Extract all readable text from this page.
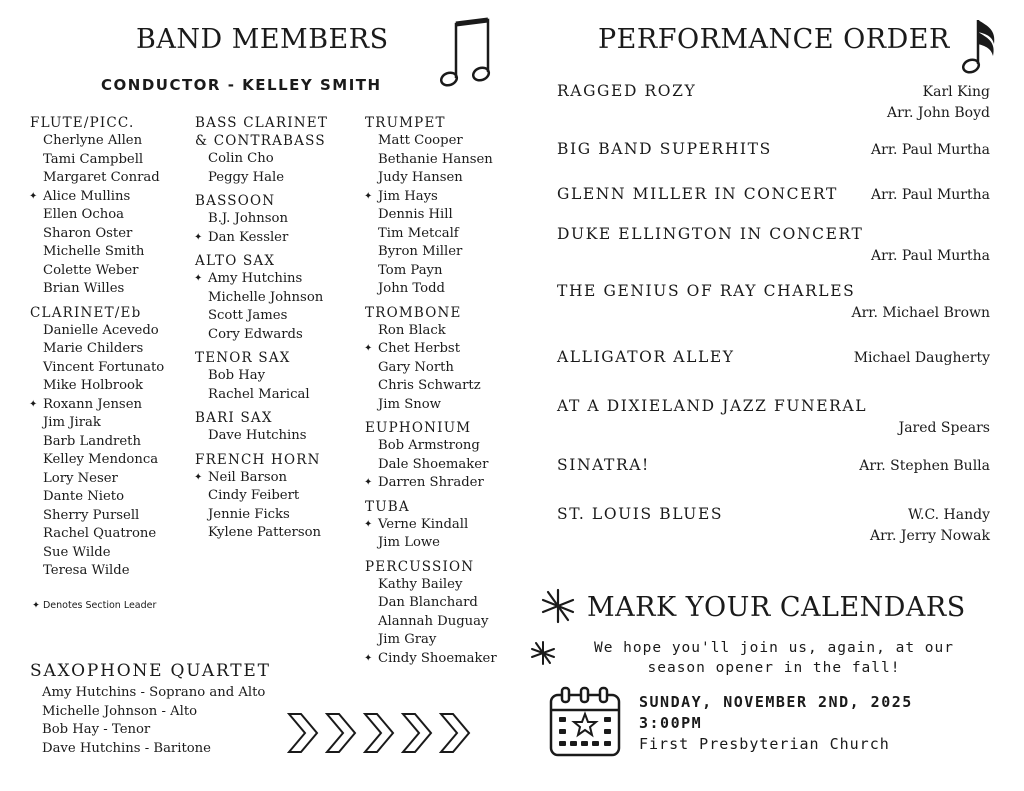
BAND MEMBERS
CONDUCTOR - KELLEY SMITH
FLUTE/PICC.
Cherlyne Allen
Tami Campbell
Margaret Conrad
✦ Alice Mullins
Ellen Ochoa
Sharon Oster
Michelle Smith
Colette Weber
Brian Willes
CLARINET/Eb
Danielle Acevedo
Marie Childers
Vincent Fortunato
Mike Holbrook
✦ Roxann Jensen
Jim Jirak
Barb Landreth
Kelley Mendonca
Lory Neser
Dante Nieto
Sherry Pursell
Rachel Quatrone
Sue Wilde
Teresa Wilde
BASS CLARINET
& CONTRABASS
Colin Cho
Peggy Hale
BASSOON
B.J. Johnson
✦ Dan Kessler
ALTO SAX
✦ Amy Hutchins
Michelle Johnson
Scott James
Cory Edwards
TENOR SAX
Bob Hay
Rachel Marical
BARI SAX
Dave Hutchins
FRENCH HORN
✦ Neil Barson
Cindy Feibert
Jennie Ficks
Kylene Patterson
TRUMPET
Matt Cooper
Bethanie Hansen
Judy Hansen
✦ Jim Hays
Dennis Hill
Tim Metcalf
Byron Miller
Tom Payn
John Todd
TROMBONE
Ron Black
✦ Chet Herbst
Gary North
Chris Schwartz
Jim Snow
EUPHONIUM
Bob Armstrong
Dale Shoemaker
✦ Darren Shrader
TUBA
✦ Verne Kindall
Jim Lowe
PERCUSSION
Kathy Bailey
Dan Blanchard
Alannah Duguay
Jim Gray
✦ Cindy Shoemaker
✦ Denotes Section Leader
SAXOPHONE QUARTET
Amy Hutchins - Soprano and Alto
Michelle Johnson - Alto
Bob Hay - Tenor
Dave Hutchins - Baritone
PERFORMANCE ORDER
RAGGED ROZY	Karl King
Arr. John Boyd
BIG BAND SUPERHITS	Arr. Paul Murtha
GLENN MILLER IN CONCERT	Arr. Paul Murtha
DUKE ELLINGTON IN CONCERT
Arr. Paul Murtha
THE GENIUS OF RAY CHARLES
Arr. Michael Brown
ALLIGATOR ALLEY	Michael Daugherty
AT A DIXIELAND JAZZ FUNERAL
Jared Spears
SINATRA!	Arr. Stephen Bulla
ST. LOUIS BLUES	W.C. Handy
Arr. Jerry Nowak
MARK YOUR CALENDARS
We hope you'll join us, again, at our
season opener in the fall!
SUNDAY, NOVEMBER 2ND, 2025
3:00PM
First Presbyterian Church
